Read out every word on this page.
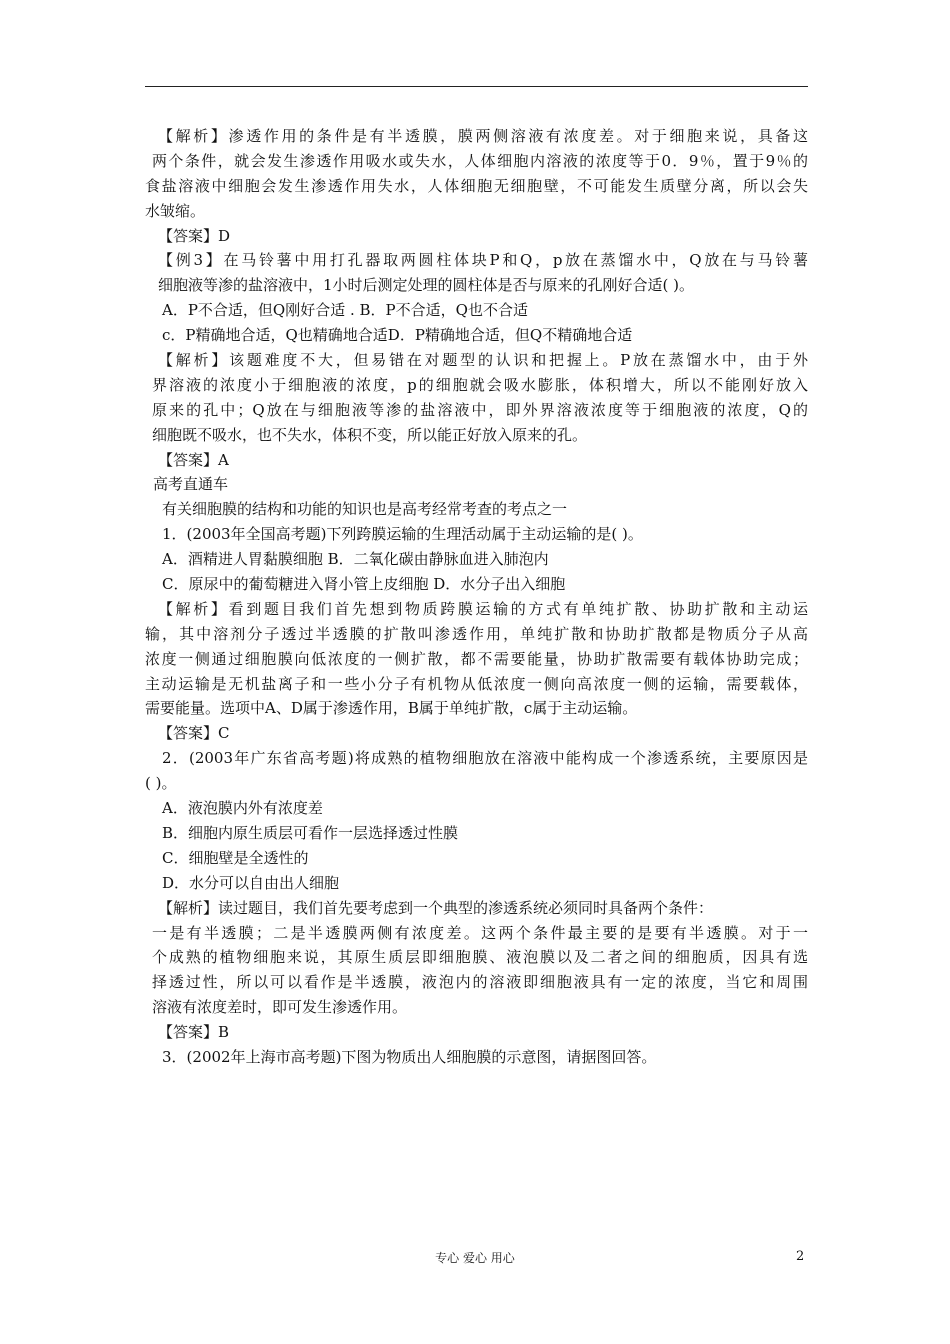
【解析】渗透作用的条件是有半透膜，膜两侧溶液有浓度差。对于细胞来说，具备这
两个条件，就会发生渗透作用吸水或失水，人体细胞内溶液的浓度等于0．9％，置于9％的
食盐溶液中细胞会发生渗透作用失水，人体细胞无细胞壁，不可能发生质壁分离，所以会失
水皱缩。
【答案】D
【例3】在马铃薯中用打孔器取两圆柱体块P和Q，p放在蒸馏水中，Q放在与马铃薯
细胞液等渗的盐溶液中，1小时后测定处理的圆柱体是否与原来的孔刚好合适( )。
A．P不合适，但Q刚好合适 . B．P不合适，Q也不合适
c．P精确地合适，Q也精确地合适D．P精确地合适，但Q不精确地合适
【解析】该题难度不大，但易错在对题型的认识和把握上。P放在蒸馏水中，由于外
界溶液的浓度小于细胞液的浓度，p的细胞就会吸水膨胀，体积增大，所以不能刚好放入
原来的孔中；Q放在与细胞液等渗的盐溶液中，即外界溶液浓度等于细胞液的浓度，Q的
细胞既不吸水，也不失水，体积不变，所以能正好放入原来的孔。
【答案】A
高考直通车
有关细胞膜的结构和功能的知识也是高考经常考查的考点之一
1．(2003年全国高考题)下列跨膜运输的生理活动属于主动运输的是( )。
A．酒精进人胃黏膜细胞 B．二氧化碳由静脉血进入肺泡内
C．原尿中的葡萄糖进入肾小管上皮细胞 D．水分子出入细胞
【解析】看到题目我们首先想到物质跨膜运输的方式有单纯扩散、协助扩散和主动运
输，其中溶剂分子透过半透膜的扩散叫渗透作用，单纯扩散和协助扩散都是物质分子从高
浓度一侧通过细胞膜向低浓度的一侧扩散，都不需要能量，协助扩散需要有载体协助完成；
主动运输是无机盐离子和一些小分子有机物从低浓度一侧向高浓度一侧的运输，需要载体，
需要能量。选项中A、D属于渗透作用，B属于单纯扩散，c属于主动运输。
【答案】C
2．(2003年广东省高考题)将成熟的植物细胞放在溶液中能构成一个渗透系统，主要原因是
( )。
A．液泡膜内外有浓度差
B．细胞内原生质层可看作一层选择透过性膜
C．细胞壁是全透性的
D．水分可以自由出人细胞
【解析】读过题目，我们首先要考虑到一个典型的渗透系统必须同时具备两个条件：
一是有半透膜；二是半透膜两侧有浓度差。这两个条件最主要的是要有半透膜。对于一
个成熟的植物细胞来说，其原生质层即细胞膜、液泡膜以及二者之间的细胞质，因具有选
择透过性，所以可以看作是半透膜，液泡内的溶液即细胞液具有一定的浓度，当它和周围
溶液有浓度差时，即可发生渗透作用。
【答案】B
3．(2002年上海市高考题)下图为物质出人细胞膜的示意图，请据图回答。
专心 爱心 用心	2
